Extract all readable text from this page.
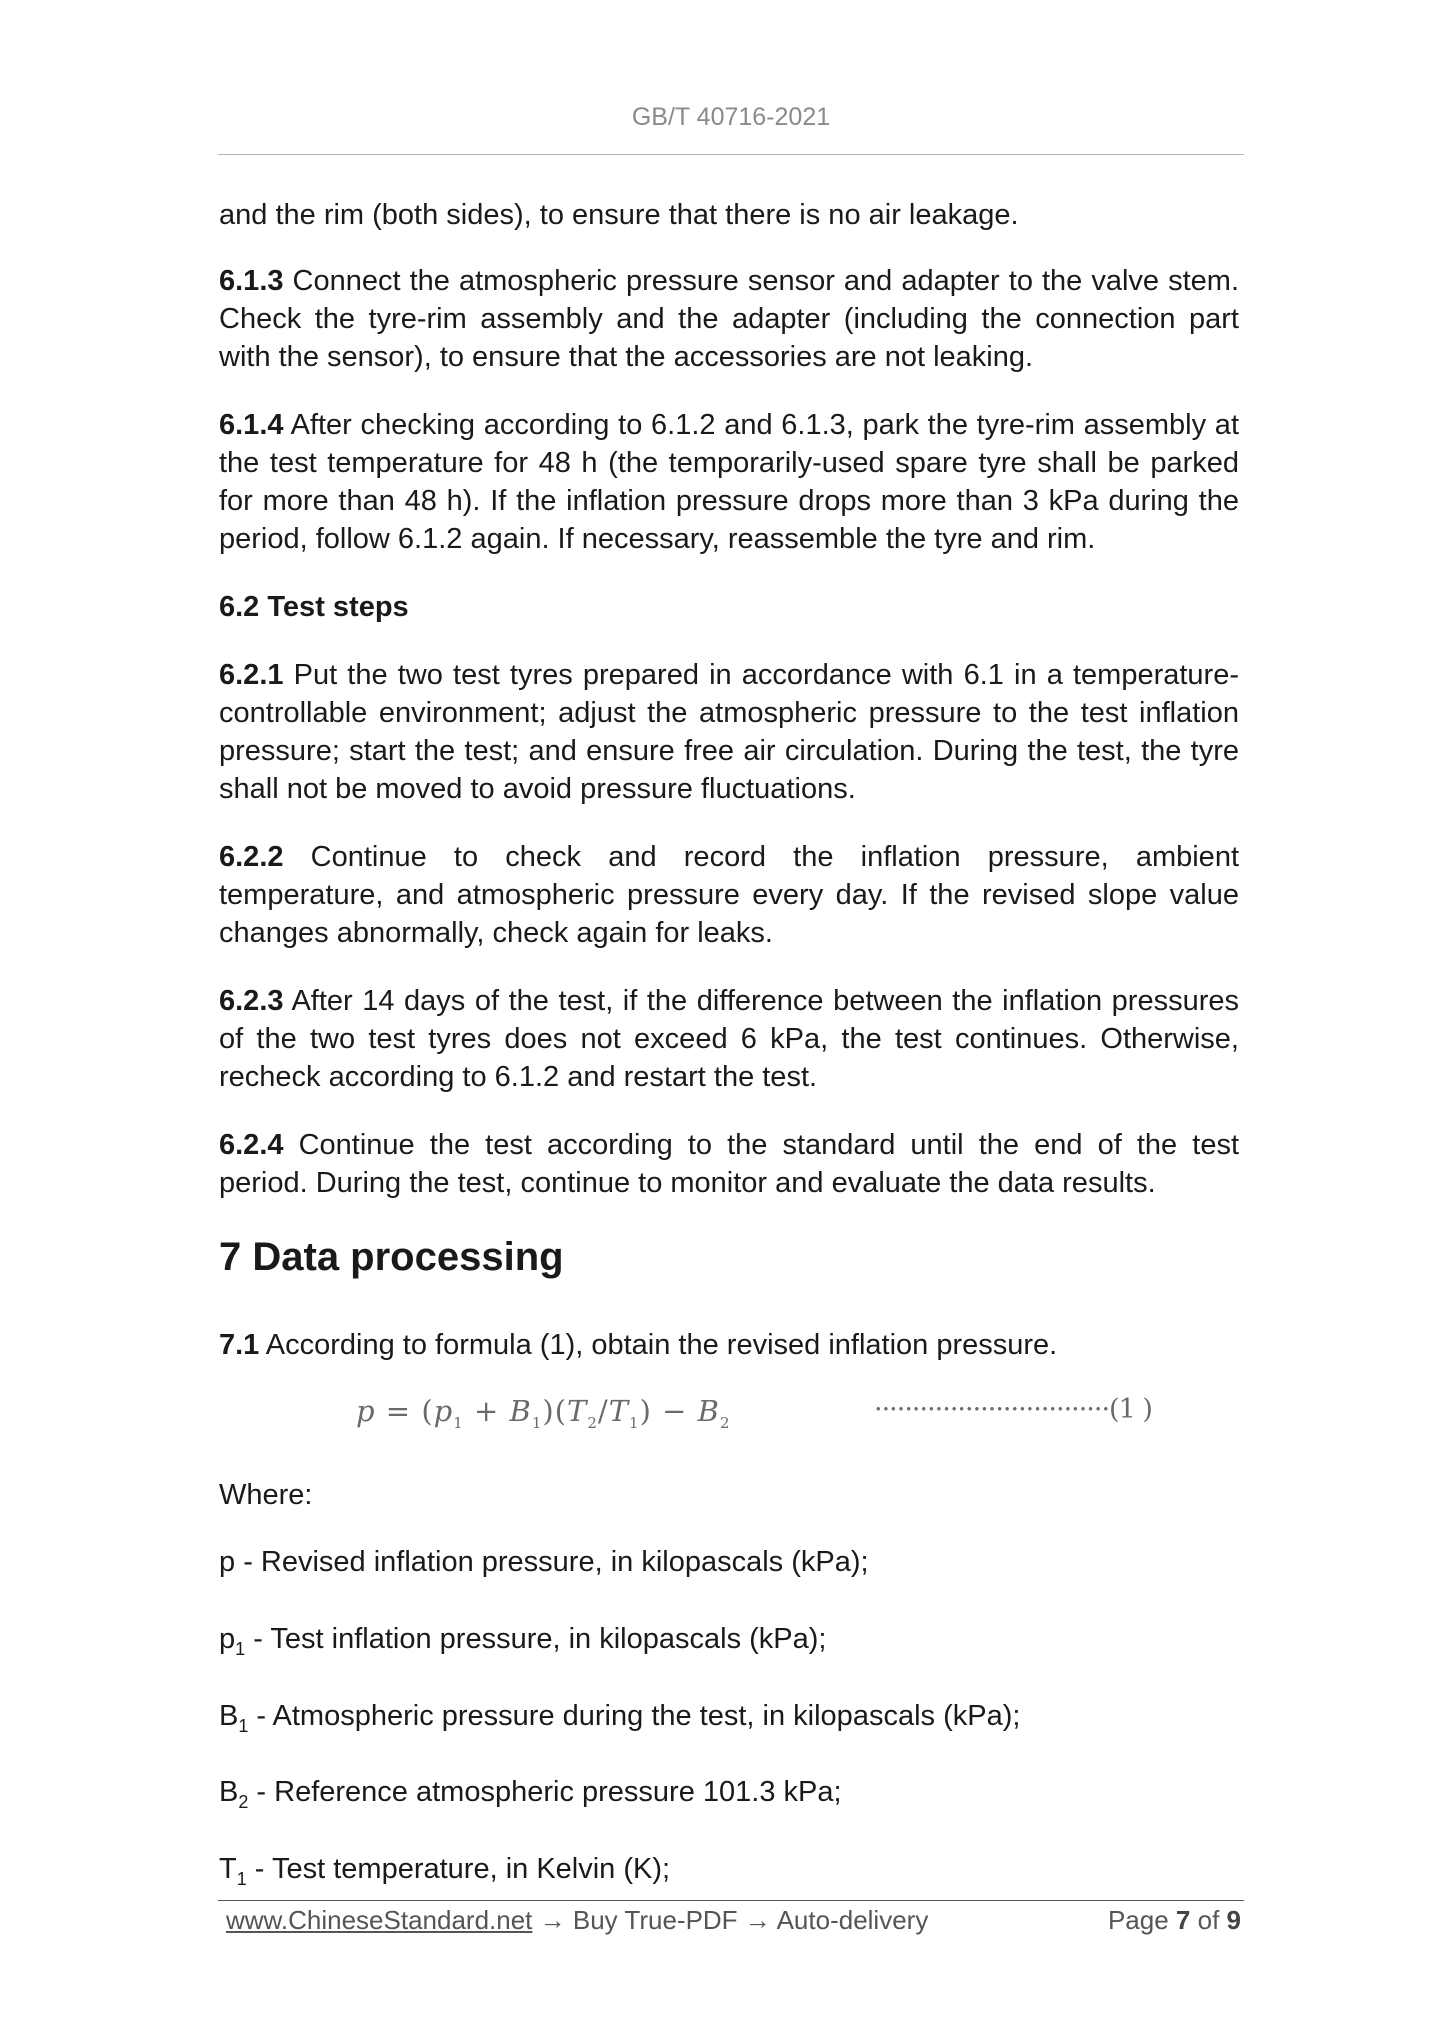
GB/T 40716-2021

and the rim (both sides), to ensure that there is no air leakage.

6.1.3 Connect the atmospheric pressure sensor and adapter to the valve stem. Check the tyre-rim assembly and the adapter (including the connection part with the sensor), to ensure that the accessories are not leaking.

6.1.4 After checking according to 6.1.2 and 6.1.3, park the tyre-rim assembly at the test temperature for 48 h (the temporarily-used spare tyre shall be parked for more than 48 h). If the inflation pressure drops more than 3 kPa during the period, follow 6.1.2 again. If necessary, reassemble the tyre and rim.

6.2 Test steps

6.2.1 Put the two test tyres prepared in accordance with 6.1 in a temperature-controllable environment; adjust the atmospheric pressure to the test inflation pressure; start the test; and ensure free air circulation. During the test, the tyre shall not be moved to avoid pressure fluctuations.

6.2.2 Continue to check and record the inflation pressure, ambient temperature, and atmospheric pressure every day. If the revised slope value changes abnormally, check again for leaks.

6.2.3 After 14 days of the test, if the difference between the inflation pressures of the two test tyres does not exceed 6 kPa, the test continues. Otherwise, recheck according to 6.1.2 and restart the test.

6.2.4 Continue the test according to the standard until the end of the test period. During the test, continue to monitor and evaluate the data results.

7 Data processing

7.1 According to formula (1), obtain the revised inflation pressure.

$p = (p_1 + B_1)(T_2/T_1) - B_2$	·······························(1 )

Where:

p - Revised inflation pressure, in kilopascals (kPa);

$p_1$ - Test inflation pressure, in kilopascals (kPa);

$B_1$ - Atmospheric pressure during the test, in kilopascals (kPa);

$B_2$ - Reference atmospheric pressure 101.3 kPa;

$T_1$ - Test temperature, in Kelvin (K);

www.ChineseStandard.net → Buy True-PDF → Auto-delivery	Page 7 of 9
